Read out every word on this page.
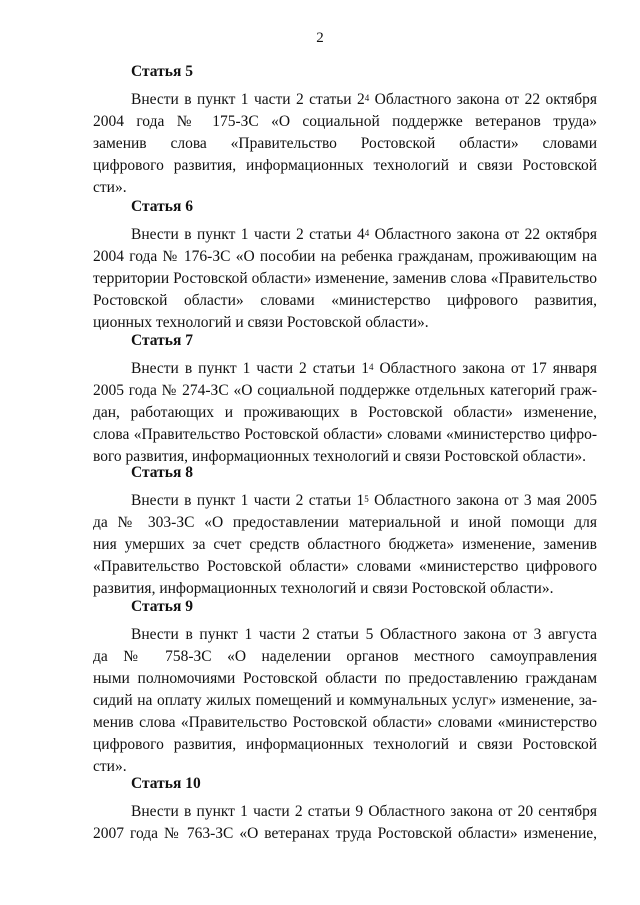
2
Статья 5
Внести в пункт 1 части 2 статьи $2^4$ Областного закона от 22 октября
2004 года № 175-ЗС «О социальной поддержке ветеранов труда»
заменив слова «Правительство Ростовской области» словами
цифрового развития, информационных технологий и связи Ростовской
сти».
Статья 6
Внести в пункт 1 части 2 статьи $4^4$ Областного закона от 22 октября
2004 года № 176-ЗС «О пособии на ребенка гражданам, проживающим на
территории Ростовской области» изменение, заменив слова «Правительство
Ростовской области» словами «министерство цифрового развития,
ционных технологий и связи Ростовской области».
Статья 7
Внести в пункт 1 части 2 статьи $1^4$ Областного закона от 17 января
2005 года № 274-ЗС «О социальной поддержке отдельных категорий граж-
дан, работающих и проживающих в Ростовской области» изменение,
слова «Правительство Ростовской области» словами «министерство цифро-
вого развития, информационных технологий и связи Ростовской области».
Статья 8
Внести в пункт 1 части 2 статьи $1^5$ Областного закона от 3 мая 2005
да № 303-ЗС «О предоставлении материальной и иной помощи для
ния умерших за счет средств областного бюджета» изменение, заменив
«Правительство Ростовской области» словами «министерство цифрового
развития, информационных технологий и связи Ростовской области».
Статья 9
Внести в пункт 1 части 2 статьи 5 Областного закона от 3 августа
да № 758-ЗС «О наделении органов местного самоуправления
ными полномочиями Ростовской области по предоставлению гражданам
сидий на оплату жилых помещений и коммунальных услуг» изменение, за-
менив слова «Правительство Ростовской области» словами «министерство
цифрового развития, информационных технологий и связи Ростовской
сти».
Статья 10
Внести в пункт 1 части 2 статьи 9 Областного закона от 20 сентября
2007 года № 763-ЗС «О ветеранах труда Ростовской области» изменение,
